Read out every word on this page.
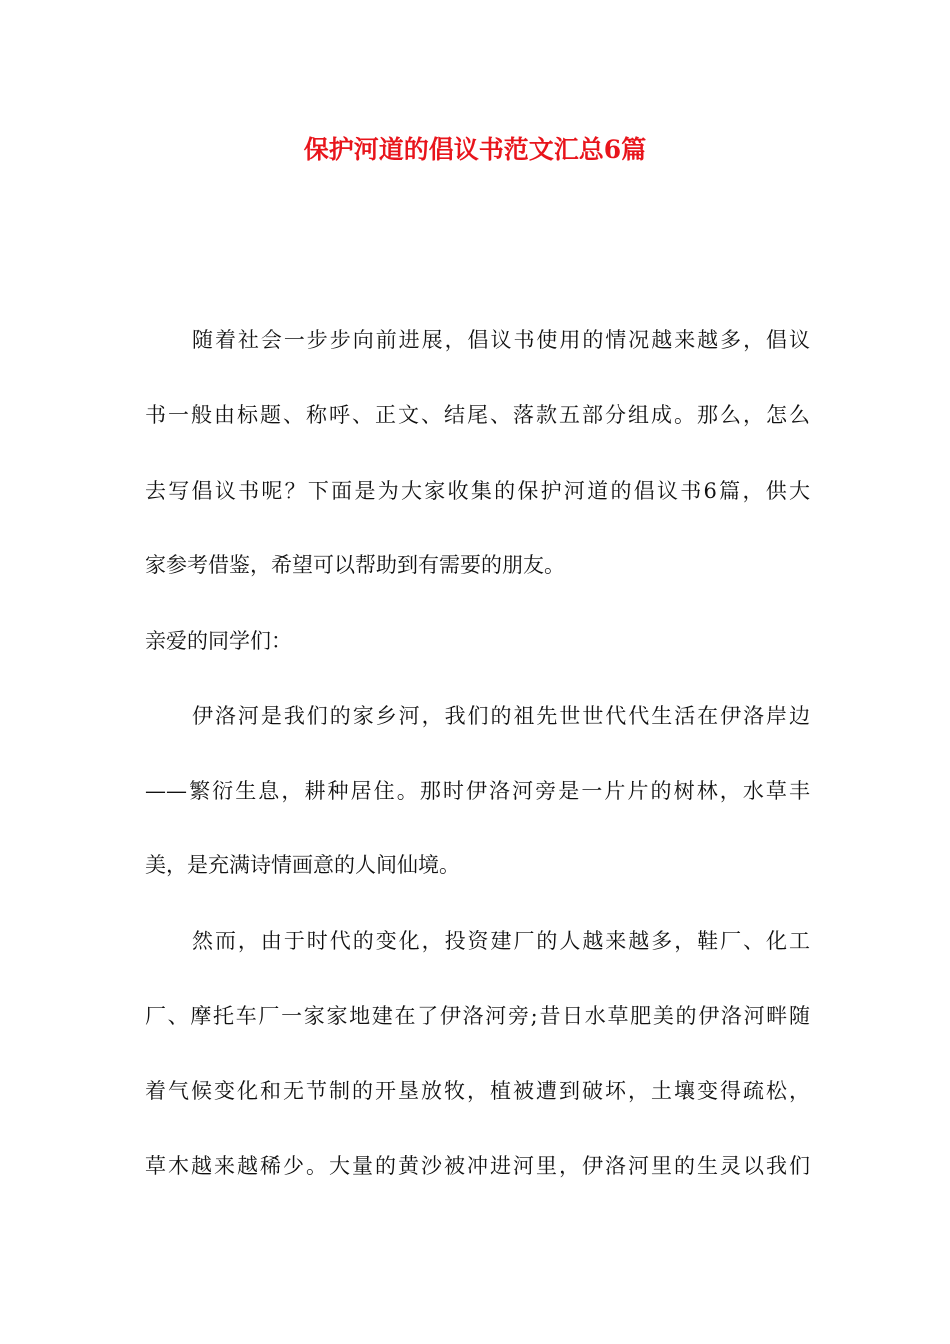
保护河道的倡议书范文汇总6篇

随着社会一步步向前进展，倡议书使用的情况越来越多，倡议

书一般由标题、称呼、正文、结尾、落款五部分组成。那么，怎么

去写倡议书呢？下面是为大家收集的保护河道的倡议书6篇，供大

家参考借鉴，希望可以帮助到有需要的朋友。

亲爱的同学们：

伊洛河是我们的家乡河，我们的祖先世世代代生活在伊洛岸边

——繁衍生息，耕种居住。那时伊洛河旁是一片片的树林，水草丰

美，是充满诗情画意的人间仙境。

然而，由于时代的变化，投资建厂的人越来越多，鞋厂、化工

厂、摩托车厂一家家地建在了伊洛河旁;昔日水草肥美的伊洛河畔随

着气候变化和无节制的开垦放牧，植被遭到破坏，土壤变得疏松，

草木越来越稀少。大量的黄沙被冲进河里，伊洛河里的生灵以我们
